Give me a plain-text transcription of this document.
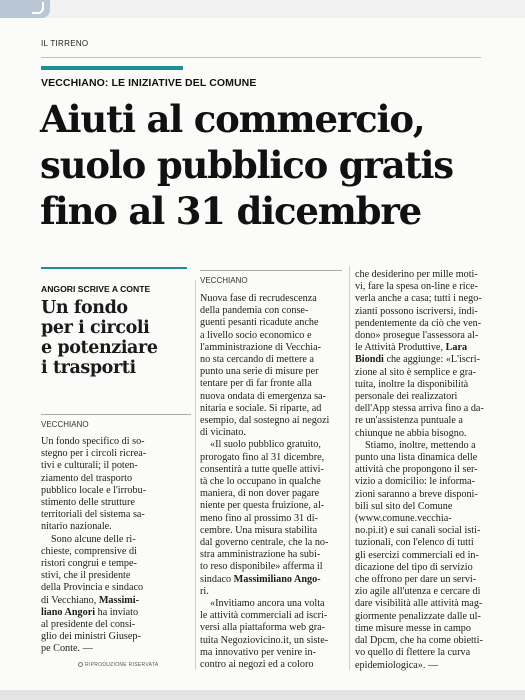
IL TIRRENO
VECCHIANO: LE INIZIATIVE DEL COMUNE
Aiuti al commercio,
suolo pubblico gratis
fino al 31 dicembre
ANGORI SCRIVE A CONTE
Un fondo
per i circoli
e potenziare
i trasporti
VECCHIANO
Un fondo specifico di so-
stegno per i circoli ricrea-
tivi e culturali; il poten-
ziamento del trasporto
pubblico locale e l'irrobu-
stimento delle strutture
territoriali del sistema sa-
nitario nazionale.
Sono alcune delle ri-
chieste, comprensive di
ristori congrui e tempe-
stivi, che il presidente
della Provincia e sindaco
di Vecchiano, Massimi-
liano Angori ha inviato
al presidente del consi-
glio dei ministri Giusep-
pe Conte. —
RIPRODUZIONE RISERVATA
VECCHIANO
Nuova fase di recrudescenza
della pandemia con conse-
guenti pesanti ricadute anche
a livello socio economico e
l'amministrazione di Vecchia-
no sta cercando di mettere a
punto una serie di misure per
tentare per di far fronte alla
nuova ondata di emergenza sa-
nitaria e sociale. Si riparte, ad
esempio, dal sostegno ai negozi
di vicinato.
«Il suolo pubblico gratuito,
prorogato fino al 31 dicembre,
consentirà a tutte quelle attivi-
tà che lo occupano in qualche
maniera, di non dover pagare
niente per questa fruizione, al-
meno fino al prossimo 31 di-
cembre. Una misura stabilita
dal governo centrale, che la no-
stra amministrazione ha subi-
to reso disponibile» afferma il
sindaco Massimiliano Ango-
ri.
«Invitiamo ancora una volta
le attività commerciali ad iscri-
versi alla piattaforma web gra-
tuita Negoziovicino.it, un siste-
ma innovativo per venire in-
contro ai negozi ed a coloro
che desiderino per mille moti-
vi, fare la spesa on-line e rice-
verla anche a casa; tutti i nego-
zianti possono iscriversi, indi-
pendentemente da ciò che ven-
dono» prosegue l'assessora al-
le Attività Produttive, Lara
Biondi che aggiunge: «L'iscri-
zione al sito è semplice e gra-
tuita, inoltre la disponibilità
personale dei realizzatori
dell'App stessa arriva fino a da-
re un'assistenza puntuale a
chiunque ne abbia bisogno.
Stiamo, inoltre, mettendo a
punto una lista dinamica delle
attività che propongono il ser-
vizio a domicilio: le informa-
zioni saranno a breve disponi-
bili sul sito del Comune
(www.comune.vecchia-
no.pi.it) e sui canali social isti-
tuzionali, con l'elenco di tutti
gli esercizi commerciali ed in-
dicazione del tipo di servizio
che offrono per dare un servi-
zio agile all'utenza e cercare di
dare visibilità alle attività mag-
giormente penalizzate dalle ul-
time misure messe in campo
dal Dpcm, che ha come obietti-
vo quello di flettere la curva
epidemiologica». —
